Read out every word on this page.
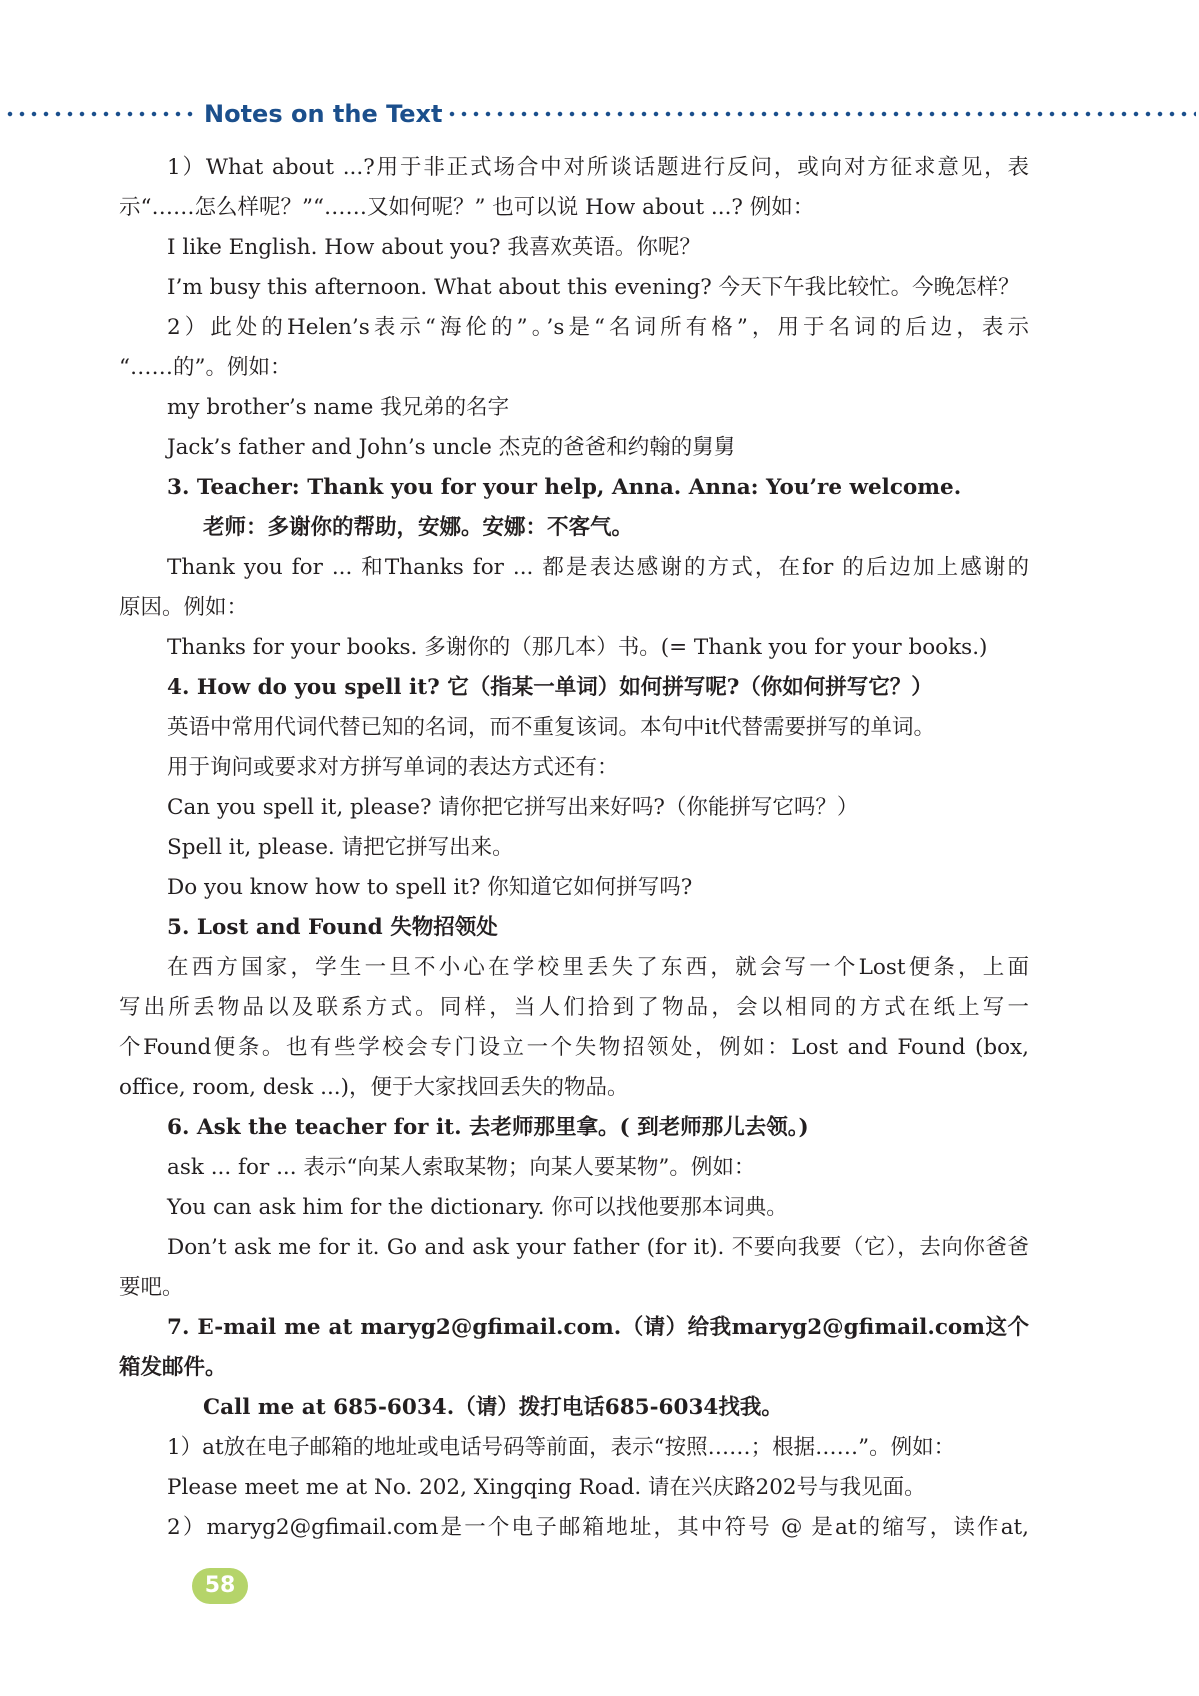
Notes on the Text
1）What about ...?用于非正式场合中对所谈话题进行反问，或向对方征求意见，表
示“……怎么样呢？”“……又如何呢？” 也可以说 How about ...? 例如：
I like English. How about you? 我喜欢英语。你呢？
I’m busy this afternoon. What about this evening? 今天下午我比较忙。今晚怎样？
2）此处的Helen’s表示“海伦的”。’s是“名词所有格”，用于名词的后边，表示
“……的”。例如：
my brother’s name 我兄弟的名字
Jack’s father and John’s uncle 杰克的爸爸和约翰的舅舅
3. Teacher: Thank you for your help, Anna. Anna: You’re welcome.
老师：多谢你的帮助，安娜。安娜：不客气。
Thank you for ... 和Thanks for ... 都是表达感谢的方式，在for 的后边加上感谢的
原因。例如：
Thanks for your books. 多谢你的（那几本）书。(= Thank you for your books.)
4. How do you spell it? 它（指某一单词）如何拼写呢?（你如何拼写它？）
英语中常用代词代替已知的名词，而不重复该词。本句中it代替需要拼写的单词。
用于询问或要求对方拼写单词的表达方式还有：
Can you spell it, please? 请你把它拼写出来好吗?（你能拼写它吗？）
Spell it, please. 请把它拼写出来。
Do you know how to spell it? 你知道它如何拼写吗?
5. Lost and Found 失物招领处
在西方国家，学生一旦不小心在学校里丢失了东西，就会写一个Lost便条，上面
写出所丢物品以及联系方式。同样，当人们拾到了物品，会以相同的方式在纸上写一
个Found便条。也有些学校会专门设立一个失物招领处，例如：Lost and Found (box,
office, room, desk ...)，便于大家找回丢失的物品。
6. Ask the teacher for it. 去老师那里拿。( 到老师那儿去领。)
ask ... for ... 表示“向某人索取某物；向某人要某物”。例如：
You can ask him for the dictionary. 你可以找他要那本词典。
Don’t ask me for it. Go and ask your father (for it). 不要向我要（它），去向你爸爸
要吧。
7. E-mail me at maryg2@gfimail.com.（请）给我maryg2@gfimail.com这个
箱发邮件。
Call me at 685-6034.（请）拨打电话685-6034找我。
1）at放在电子邮箱的地址或电话号码等前面，表示“按照……；根据……”。例如：
Please meet me at No. 202, Xingqing Road. 请在兴庆路202号与我见面。
2）maryg2@gfimail.com是一个电子邮箱地址，其中符号 @ 是at的缩写，读作at,
58
